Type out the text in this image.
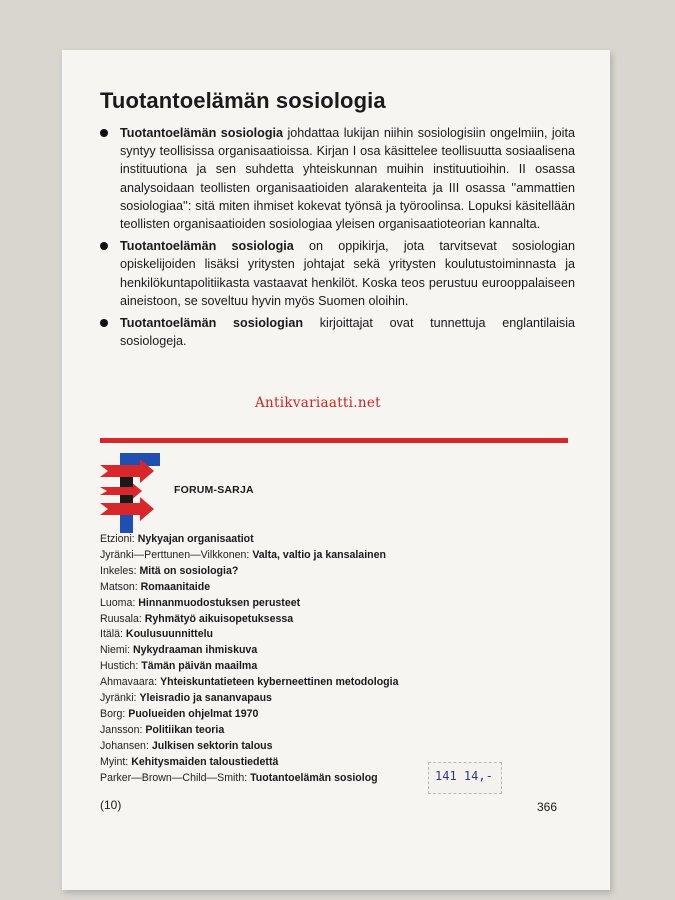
Tuotantoelämän sosiologia
Tuotantoelämän sosiologia johdattaa lukijan niihin sosiologisiin ongelmiin, joita syntyy teollisissa organisaatioissa. Kirjan I osa käsittelee teollisuutta sosiaalisena instituutiona ja sen suhdetta yhteiskunnan muihin instituutioihin. II osassa analysoidaan teollisten organisaatioiden alarakenteita ja III osassa ''ammattien sosiologiaa'': sitä miten ihmiset kokevat työnsä ja työroolinsa. Lopuksi käsitellään teollisten organisaatioiden sosiologiaa yleisen organisaatioteorian kannalta.
Tuotantoelämän sosiologia on oppikirja, jota tarvitsevat sosiologian opiskelijoiden lisäksi yritysten johtajat sekä yritysten koulutustoiminnasta ja henkilökuntapolitiikasta vastaavat henkilöt. Koska teos perustuu eurooppalaiseen aineistoon, se soveltuu hyvin myös Suomen oloihin.
Tuotantoelämän sosiologian kirjoittajat ovat tunnettuja englantilaisia sosiologeja.
Antikvariaatti.net
FORUM-SARJA
Etzioni: Nykyajan organisaatiot
Jyränki—Perttunen—Vilkkonen: Valta, valtio ja kansalainen
Inkeles: Mitä on sosiologia?
Matson: Romaanitaide
Luoma: Hinnanmuodostuksen perusteet
Ruusala: Ryhmätyö aikuisopetuksessa
Itälä: Koulusuunnittelu
Niemi: Nykydraaman ihmiskuva
Hustich: Tämän päivän maailma
Ahmavaara: Yhteiskuntatieteen kyberneettinen metodologia
Jyränki: Yleisradio ja sananvapaus
Borg: Puolueiden ohjelmat 1970
Jansson: Politiikan teoria
Johansen: Julkisen sektorin talous
Myint: Kehitysmaiden taloustiedettä
Parker—Brown—Child—Smith: Tuotantoelämän sosiolog	141 14,-
(10)	366
